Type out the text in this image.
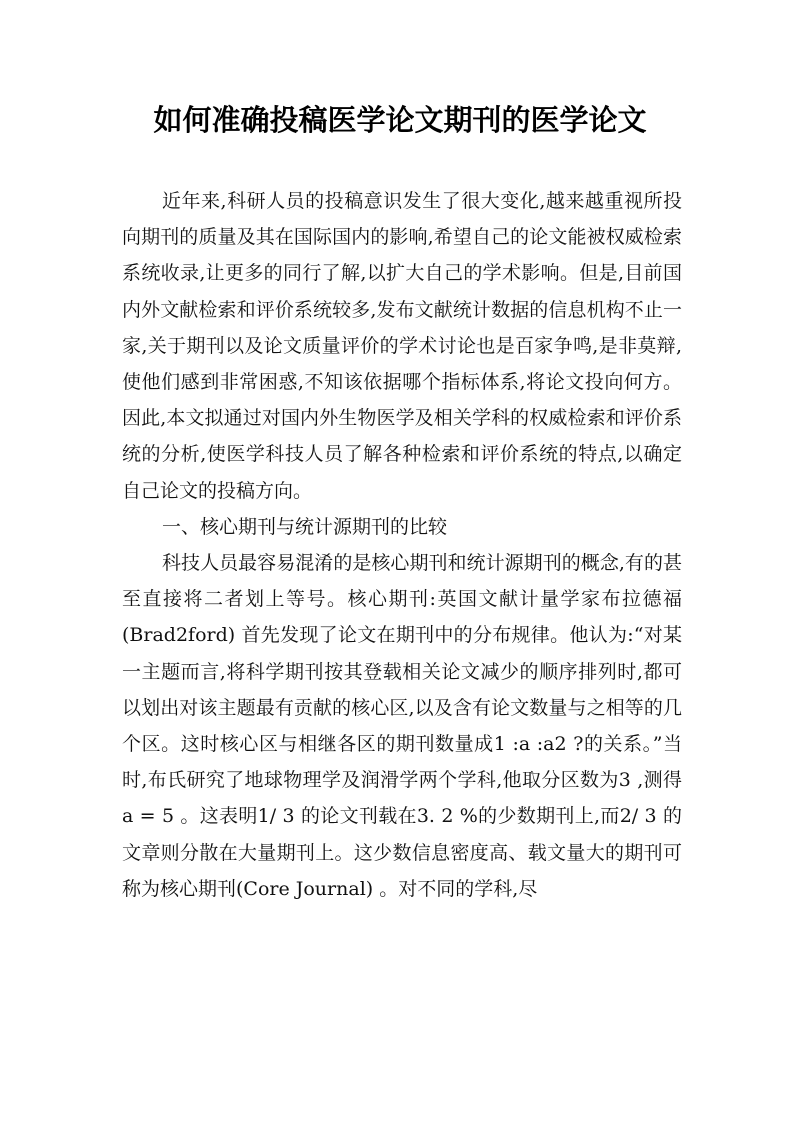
如何准确投稿医学论文期刊的医学论文

近年来,科研人员的投稿意识发生了很大变化,越来越重视所投向期刊的质量及其在国际国内的影响,希望自己的论文能被权威检索系统收录,让更多的同行了解,以扩大自己的学术影响。但是,目前国内外文献检索和评价系统较多,发布文献统计数据的信息机构不止一家,关于期刊以及论文质量评价的学术讨论也是百家争鸣,是非莫辩,使他们感到非常困惑,不知该依据哪个指标体系,将论文投向何方。因此,本文拟通过对国内外生物医学及相关学科的权威检索和评价系统的分析,使医学科技人员了解各种检索和评价系统的特点,以确定自己论文的投稿方向。

一、核心期刊与统计源期刊的比较

科技人员最容易混淆的是核心期刊和统计源期刊的概念,有的甚至直接将二者划上等号。核心期刊:英国文献计量学家布拉德福(Brad2ford) 首先发现了论文在期刊中的分布规律。他认为:“对某一主题而言,将科学期刊按其登载相关论文减少的顺序排列时,都可以划出对该主题最有贡献的核心区,以及含有论文数量与之相等的几个区。这时核心区与相继各区的期刊数量成1 :a :a2 ?的关系。”当时,布氏研究了地球物理学及润滑学两个学科,他取分区数为3 ,测得a = 5 。这表明1/ 3 的论文刊载在3. 2 %的少数期刊上,而2/ 3 的文章则分散在大量期刊上。这少数信息密度高、载文量大的期刊可称为核心期刊(Core Journal) 。对不同的学科,尽
